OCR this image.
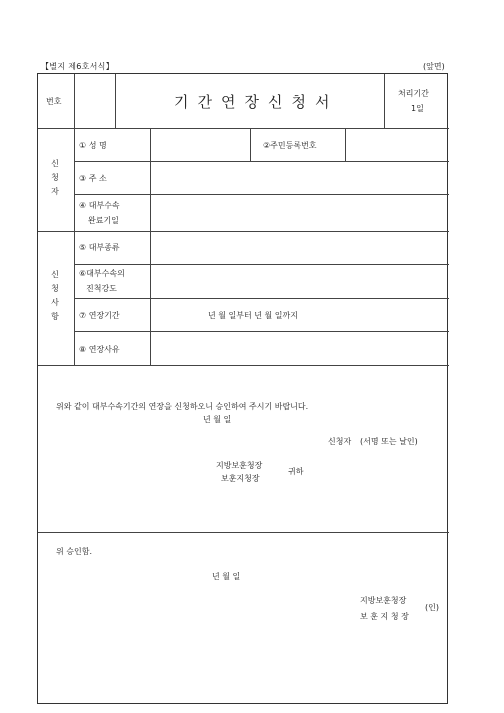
【별지 제6호서식】	(앞면)
번호	기간연장신청서	처리기간
1일
신
청
자
① 성 명	②주민등록번호
③ 주 소
④ 대부수속
완료기일
신
청
사
항
⑤ 대부종류
⑥대부수속의
진척강도
⑦ 연장기간	년 월 일부터 년 월 일까지
⑧ 연장사유
위와 같이 대부수속기간의 연장을 신청하오니 승인하여 주시기 바랍니다.
년 월 일
신청자 (서명 또는 날인)
지방보훈청장
보훈지청장
귀하
위 승인함.
년 월 일
지방보훈청장
보 훈 지 청 장
(인)
